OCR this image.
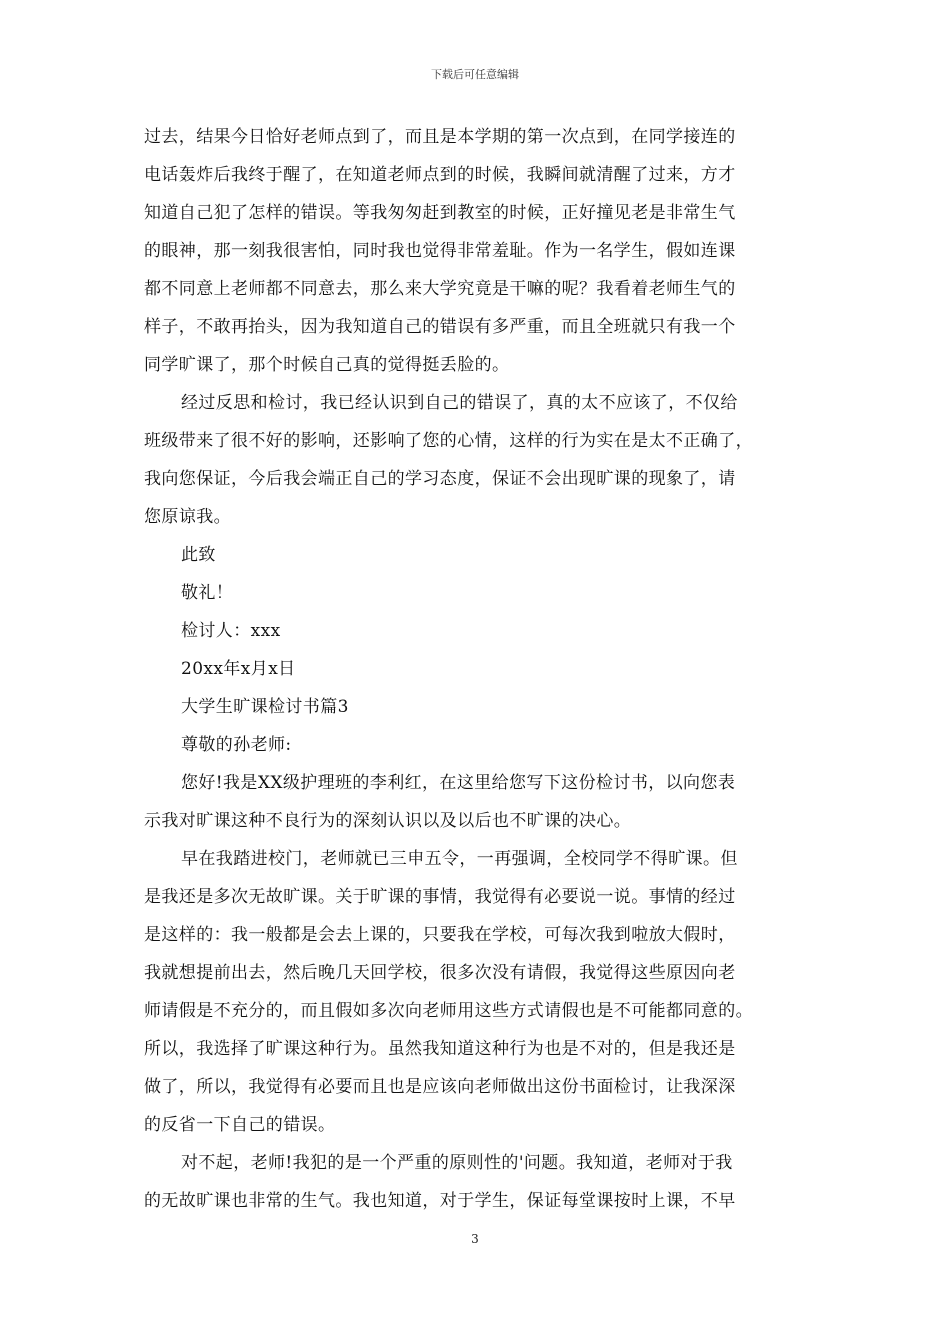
下载后可任意编辑
过去，结果今日恰好老师点到了，而且是本学期的第一次点到，在同学接连的
电话轰炸后我终于醒了，在知道老师点到的时候，我瞬间就清醒了过来，方才
知道自己犯了怎样的错误。等我匆匆赶到教室的时候，正好撞见老是非常生气
的眼神，那一刻我很害怕，同时我也觉得非常羞耻。作为一名学生，假如连课
都不同意上老师都不同意去，那么来大学究竟是干嘛的呢？我看着老师生气的
样子，不敢再抬头，因为我知道自己的错误有多严重，而且全班就只有我一个
同学旷课了，那个时候自己真的觉得挺丢脸的。
经过反思和检讨，我已经认识到自己的错误了，真的太不应该了，不仅给
班级带来了很不好的影响，还影响了您的心情，这样的行为实在是太不正确了，
我向您保证，今后我会端正自己的学习态度，保证不会出现旷课的现象了，请
您原谅我。
此致
敬礼！
检讨人：xxx
20xx年x月x日
大学生旷课检讨书篇3
尊敬的孙老师:
您好!我是XX级护理班的李利红，在这里给您写下这份检讨书，以向您表
示我对旷课这种不良行为的深刻认识以及以后也不旷课的决心。
早在我踏进校门，老师就已三申五令，一再强调，全校同学不得旷课。但
是我还是多次无故旷课。关于旷课的事情，我觉得有必要说一说。事情的经过
是这样的：我一般都是会去上课的，只要我在学校，可每次我到啦放大假时，
我就想提前出去，然后晚几天回学校，很多次没有请假，我觉得这些原因向老
师请假是不充分的，而且假如多次向老师用这些方式请假也是不可能都同意的。
所以，我选择了旷课这种行为。虽然我知道这种行为也是不对的，但是我还是
做了，所以，我觉得有必要而且也是应该向老师做出这份书面检讨，让我深深
的反省一下自己的错误。
对不起，老师!我犯的是一个严重的原则性的'问题。我知道，老师对于我
的无故旷课也非常的生气。我也知道，对于学生，保证每堂课按时上课，不早
3
